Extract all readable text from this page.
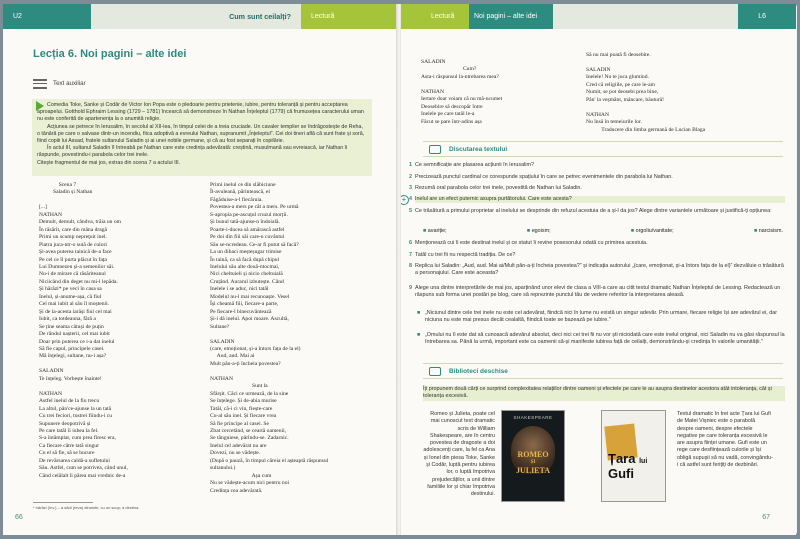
U2	Cum sunt ceilalți?	Lectură
Lecția 6. Noi pagini – alte idei
Text auxiliar

Comedia Toke, Sanke și Codăr de Victor Ion Popa este o pledoarie pentru prietenie, iubire, pentru toleranță și pentru acceptarea aproapelui. Gotthold Ephraim Lessing (1729 – 1781) încearcă să demonstreze în Nathan Înțeleptul (1779) că frumusețea caracterului uman nu este conferită de apartenența la o anumită religie.

Acțiunea se petrece în Ierusalim, în secolul al XII-lea, în timpul celei de a treia cruciade. Un cavaler templier se îndrăgostește de Reha, o tânără pe care o salvase dintr-un incendiu, fiica adoptivă a evreului Nathan, supranumit „Înțeleptul”. Cei doi tineri află că sunt frate și soră, fiind copiii lui Assad, fratele sultanului Saladin și ai unei nobile germane, și că au fost separați în copilărie.

În actul III, sultanul Saladin îl întreabă pe Nathan care este credința adevărată: creștină, musulmană sau evreiască, iar Nathan îi răspunde, povestindu-i parabola celor trei inele.

Citește fragmentul de mai jos, extras din scena 7 a actului III.

Scena 7
Saladin și Nathan

[...]
NATHAN
Demult, demult, cândva, trăia un om
În răsărit, care din mâna dragă
Primi un scump nepreţuit inel.
Piatra juca-ntr-o sută de culori
Și-avea puterea tainică de-a face
Pe cel ce îl purta plăcut în fața
Lui Dumnezeu și-a semenilor săi.
Nu-i de mirare că răsăriteanul
Niciicând din deget nu mi-l lepăda.
Și hărăzi* pe veci în casa sa
Inelul, și-anume-așa, că fiul
Cel mai iubit al său îl moștenii.
Și de la-acesta iarăși fiul cel mai
Iubit, ca totdeauna, fără a
Se ține seama câtuși de puțin
De rândul nașterii, cel mai iubit
Doar prin puterea ce i-a dat inelul
Să fie capul, principele casei.
Mă înțelegi, sultane, nu-i așa?

SALADIN
Te înțeleg. Vorbește înainte!

NATHAN
Astfel inelul de la fiu trecu
La altul, pân'ce-ajunse la un tată
Cu trei feciori, tustrei fiindu-i cu
Supunere deopotrivă și
Pe care tatăl îi iubea la fel.
S-a întâmplat, cum prea firesc era,
Ca fiecare către tată singur
Cu el să fie, să se bucure
De revărsarea caldă-a sufletului
Său. Astfel, cum se potrivea, când unul,
Când celălalt îi părea mai vrednic de-a
Primi inelul ce din slăbiciune
Îl-avuleană, părintească, el
Făgăduise-a-l fiecăruia.
Povestea-a mers pe cât a mers. Pe urmă
S-apropia pe-ascuțul cruzul morții.
Și bunul tată-ajunse-n îndoială.
Poarte-i-ducea să amărască astfel
Pe doi din fiii săi care-n cuvântul
Său se-ncredeau. Ce-ar fi putut să facă?
La un dibaci meșteșugar trimise
În taină, ca să facă după chipul
Inelului său alte două-ntocmai,
Nici cheltuieli și nicio cheltuială
Cruțând. Aurarul izbutește. Când
Inelele i se aduc, nici tatăl
Modelul nu-l mai recunoaște. Vesel
Își cheamă fiii, fiecare-a parte,
Pe fiecare-l binecuvântează
Și-i dă inelul. Apoi moare. Ascultă,
Sultane?

SALADIN
(care, emoționat, și-a întors fața de la el)
Aud, aud. Mai ai
Mult păn-a-ți încheia povestea?

NATHAN
Sunt la
Sfârșit. Căci ce urmează, de la sine
Se înțelege. Și de-abia murise
Tatăl, că-i ci vin, fiește-care
Cu-al său inel. Și fiecare vrea
Să fie principe al casei. Se
Zbat cercetând, se ceartă oamenii,
Se tânguiese, părîndu-se. Zadarnic.
Inelul cel adevărat nu are
Dovezi, nu se vădește.
(După o pauză, în timpul căreia el așteaptă răspunsul
sultanului.)
Așa cum
Nu se vădește-acum nici pentru noi
Credința cea adevărată.
* hărăzi (înv.) – a sădi (reva) dinainte, cu un scop; a destina.
66
Lectură	Noi pagini – alte idei	L6
SALADIN
Cum?
Asta-i răspunsul la-ntrebarea mea?

NATHAN
Iertare doar voiam că nu mă-ncumet
Deosebire să descopăr între
Inelele pe care tatăl le-a
Făcut se pare într-adins așa
Să nu mai poată fi deosebite.

SALADIN
Inelele! Nu te juca glumind.
Cred că religiile, pe care le-am
Numit, se pot deosebi prea bine,
Pân' la veșmânt, mâncare, băutură!

NATHAN
Nu însă în temeiurile lor.
Traducere din limba germană de Lucian Blaga
Discutarea textului
1 Ce semnificație are plasarea acțiunii în Ierusalim?
2 Precizează punctul cardinal ce corespunde spațiului în care se petrec evenimentele din parabola lui Nathan.
3 Rezumă oral parabola celor trei inele, povestită de Nathan lui Saladin.
+ 4 Inelul are un efect puternic asupra purtătorului. Care este acesta?
5 Ce trăsătură a primului proprietar al inelului se desprinde din refuzul acestuia de a și-l da jos? Alege dintre variantele următoare și justifică-ți opțiunea:
■ avariție;	■ egoism;	■ orgoliu/vanitate;	■ narcisism.
6 Menționează cui îi este destinat inelul și ce statut îi revine posesorului odată cu primirea acestuia.
7 Tatăl cu trei fii nu respectă tradiția. De ce?
8 Replica lui Saladin: „Aud, aud. Mai ai/Mult păn-a-ți încheia povestea?” și indicația autorului „(care, emoționat, și-a întors fața de la el)” dezvăluie o trăsătură a personajului. Care este aceasta?
9 Alege una dintre interpretările de mai jos, aparținând unor elevi de clasa a VIII-a care au citit textul dramatic Nathan Înțeleptul de Lessing. Redactează un răspuns sub forma unei postări pe blog, care să reprezinte punctul tău de vedere referitor la interpretarea aleasă.
■ „Niciunul dintre cele trei inele nu este cel adevărat, fiindcă nici în lume nu există un singur adevăr. Prin urmare, fiecare religie își are adevărul ei, dar niciuna nu este mai presus decât cealaltă, fiindcă toate se bazează pe iubire.”
■ „Omului nu îi este dat să cunoască adevărul absolut, deci nici cei trei fii nu vor ști niciodată care este inelul original, nici Saladin nu va găsi răspunsul la întrebarea sa. Până la urmă, important este ca oamenii să-și manifeste iubirea față de ceilalți, demonstrându-și credința în valorile umanității.”
Biblioteci deschise
Îți propunem două cărți ce surprind complexitatea relațiilor dintre oameni și efectele pe care le au asupra destinelor acestora atât intoleranța, cât și toleranța excesivă.
Romeo și Julieta, poate cel mai cunoscut text dramatic scris de William Shakespeare, are în centru povestea de dragoste a doi adolescenți care, la fel ca Ana și Ionel din piesa Toke, Sanke și Codăr, luptă pentru iubirea lor, o luptă împotriva prejudecăților, a unii dintre familiile lor și chiar împotriva destinului.
SHAKESPEARE
ROMEO
ȘI
JULIETA
Țara lui
Gufi
Textul dramatic în trei acte Țara lui Gufi de Matei Vișniec este o parabolă despre oameni, despre efectele negative pe care toleranța excesivă le are asupra ființei umane. Gufi este un rege care desființează culorile și își obligă supușii să nu vadă, convingându-i că astfel sunt ferițiți de dezbinări.
67
